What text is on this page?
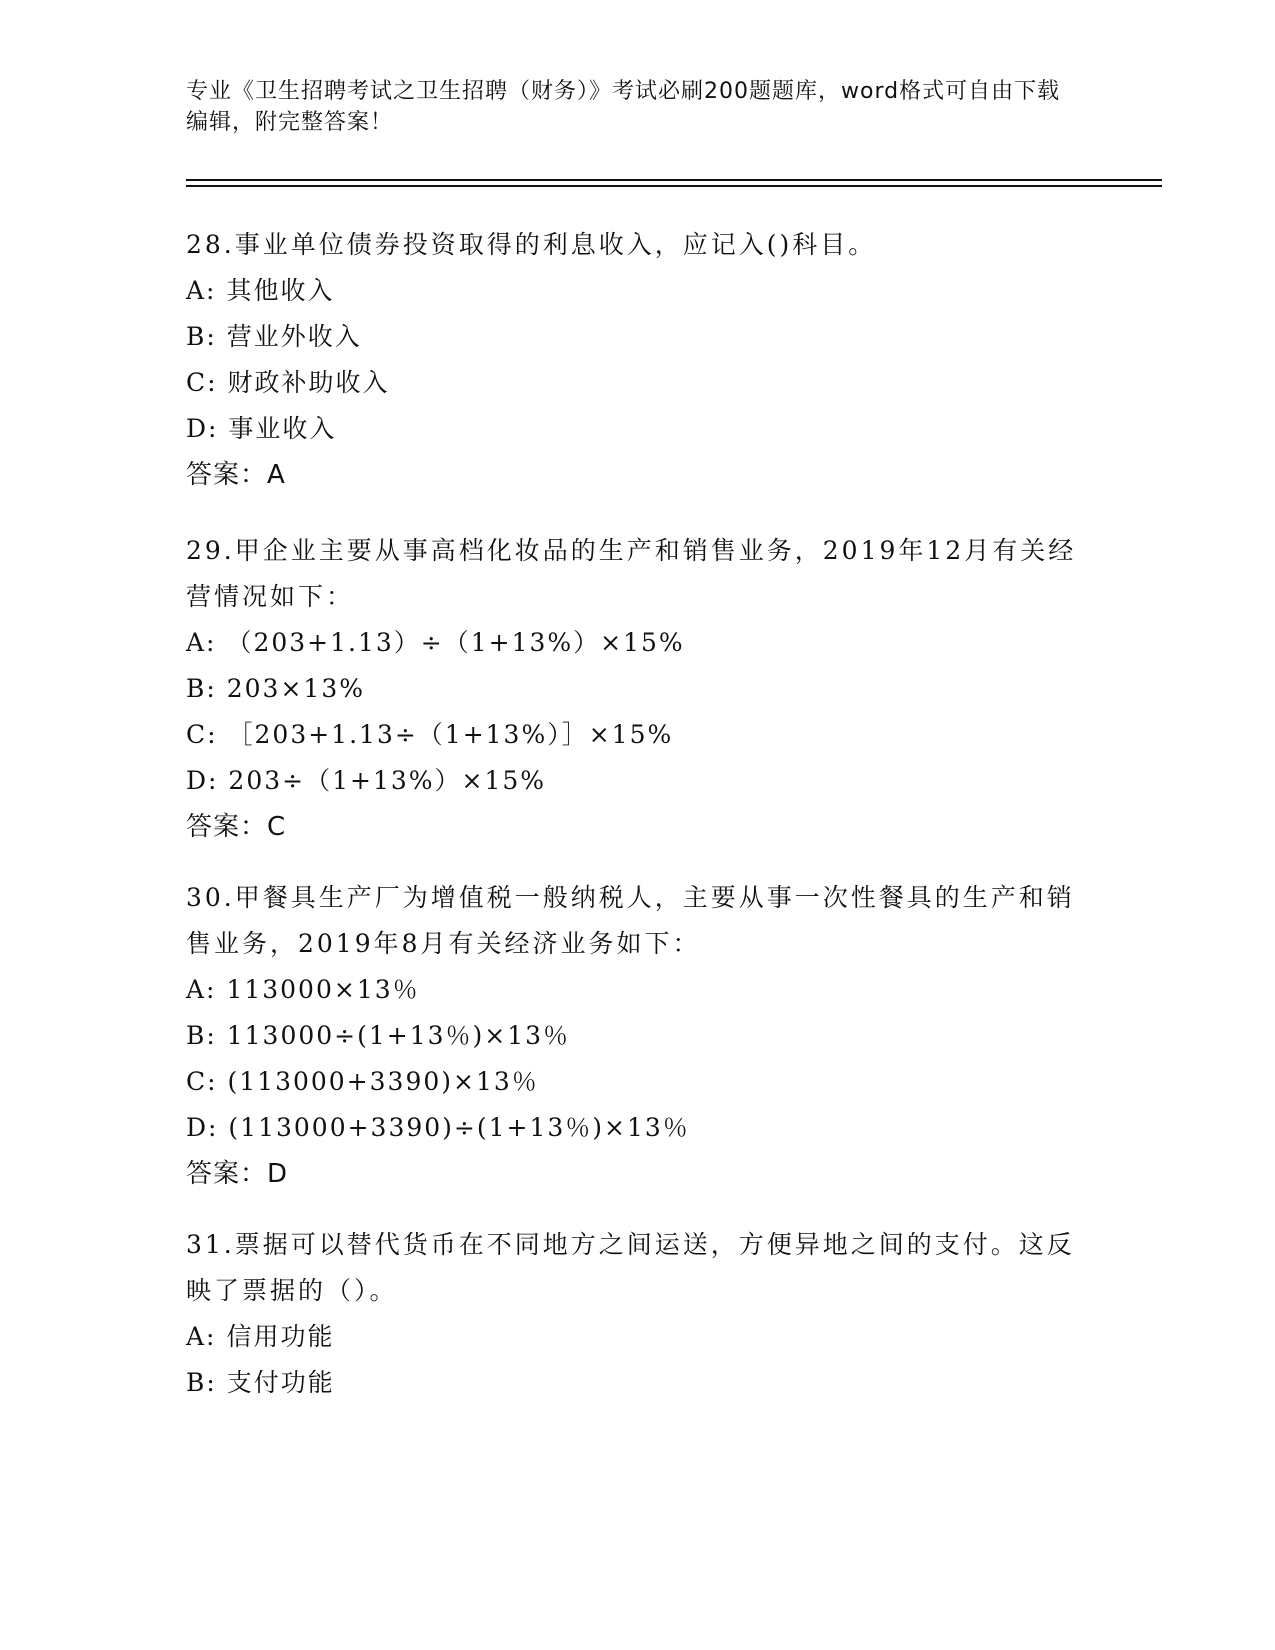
专业《卫生招聘考试之卫生招聘（财务）》考试必刷200题题库，word格式可自由下载编辑，附完整答案！

28.事业单位债券投资取得的利息收入，应记入()科目。

A: 其他收入
B: 营业外收入
C: 财政补助收入
D: 事业收入
答案：A

29.甲企业主要从事高档化妆品的生产和销售业务，2019年12月有关经营情况如下：

A: （203+1.13）÷（1+13%）×15%
B: 203×13%
C: ［203+1.13÷（1+13%）］×15%
D: 203÷（1+13%）×15%
答案：C

30.甲餐具生产厂为增值税一般纳税人，主要从事一次性餐具的生产和销售业务，2019年8月有关经济业务如下：

A: 113000×13％
B: 113000÷(1+13％)×13％
C: (113000+3390)×13％
D: (113000+3390)÷(1+13％)×13％
答案：D

31.票据可以替代货币在不同地方之间运送，方便异地之间的支付。这反映了票据的（）。

A: 信用功能
B: 支付功能
